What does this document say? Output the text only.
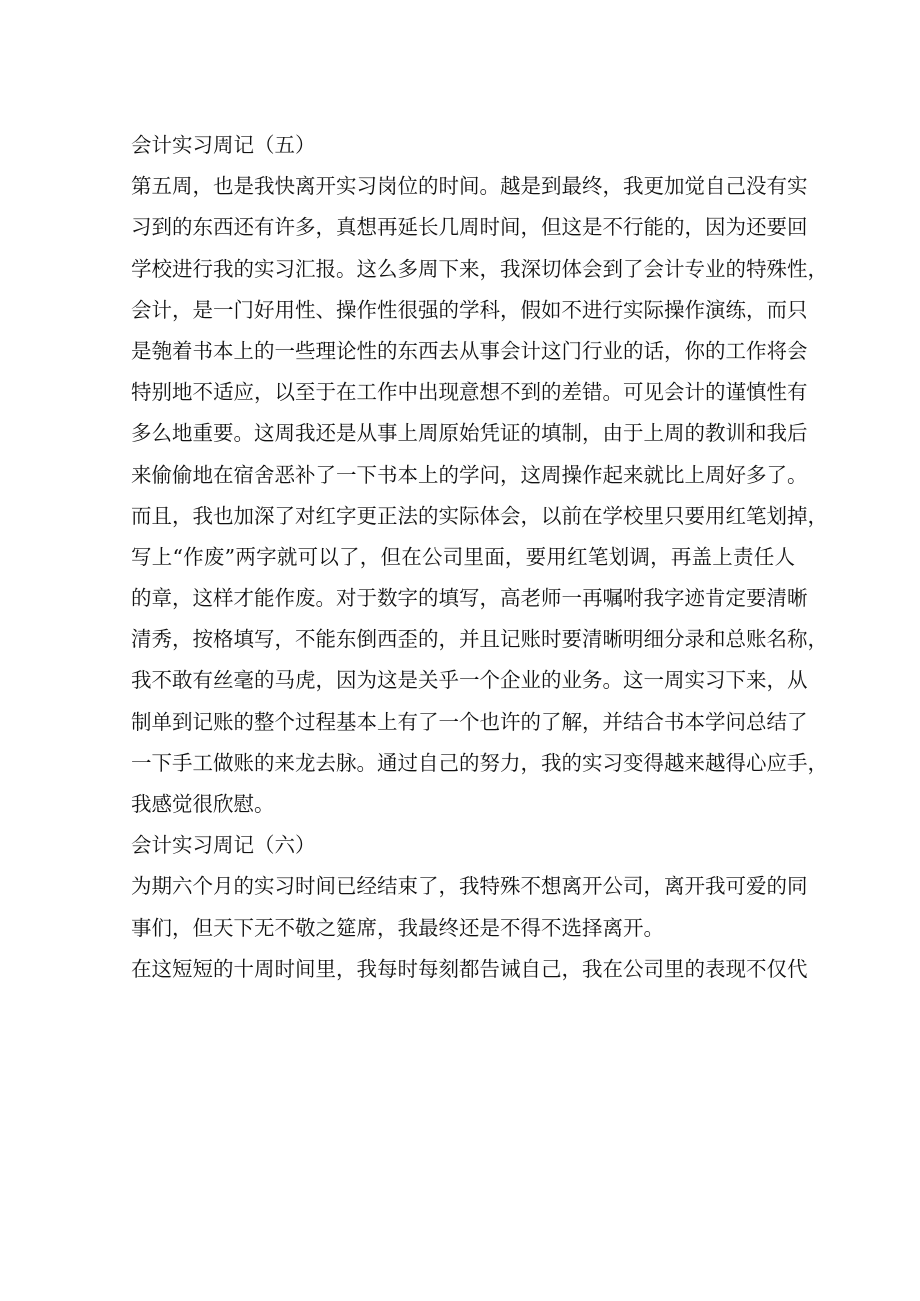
会计实习周记（五）

第五周，也是我快离开实习岗位的时间。越是到最终，我更加觉自己没有实

习到的东西还有许多，真想再延长几周时间，但这是不行能的，因为还要回

学校进行我的实习汇报。这么多周下来，我深切体会到了会计专业的特殊性，

会计，是一门好用性、操作性很强的学科，假如不进行实际操作演练，而只

是匏着书本上的一些理论性的东西去从事会计这门行业的话，你的工作将会

特别地不适应，以至于在工作中出现意想不到的差错。可见会计的谨慎性有

多么地重要。这周我还是从事上周原始凭证的填制，由于上周的教训和我后

来偷偷地在宿舍恶补了一下书本上的学问，这周操作起来就比上周好多了。

而且，我也加深了对红字更正法的实际体会，以前在学校里只要用红笔划掉，

写上“作废”两字就可以了，但在公司里面，要用红笔划调，再盖上责任人

的章，这样才能作废。对于数字的填写，高老师一再嘱咐我字迹肯定要清晰

清秀，按格填写，不能东倒西歪的，并且记账时要清晰明细分录和总账名称，

我不敢有丝毫的马虎，因为这是关乎一个企业的业务。这一周实习下来，从

制单到记账的整个过程基本上有了一个也许的了解，并结合书本学问总结了

一下手工做账的来龙去脉。通过自己的努力，我的实习变得越来越得心应手，

我感觉很欣慰。

会计实习周记（六）

为期六个月的实习时间已经结束了，我特殊不想离开公司，离开我可爱的同

事们，但天下无不敬之筵席，我最终还是不得不选择离开。

在这短短的十周时间里，我每时每刻都告诫自己，我在公司里的表现不仅代
